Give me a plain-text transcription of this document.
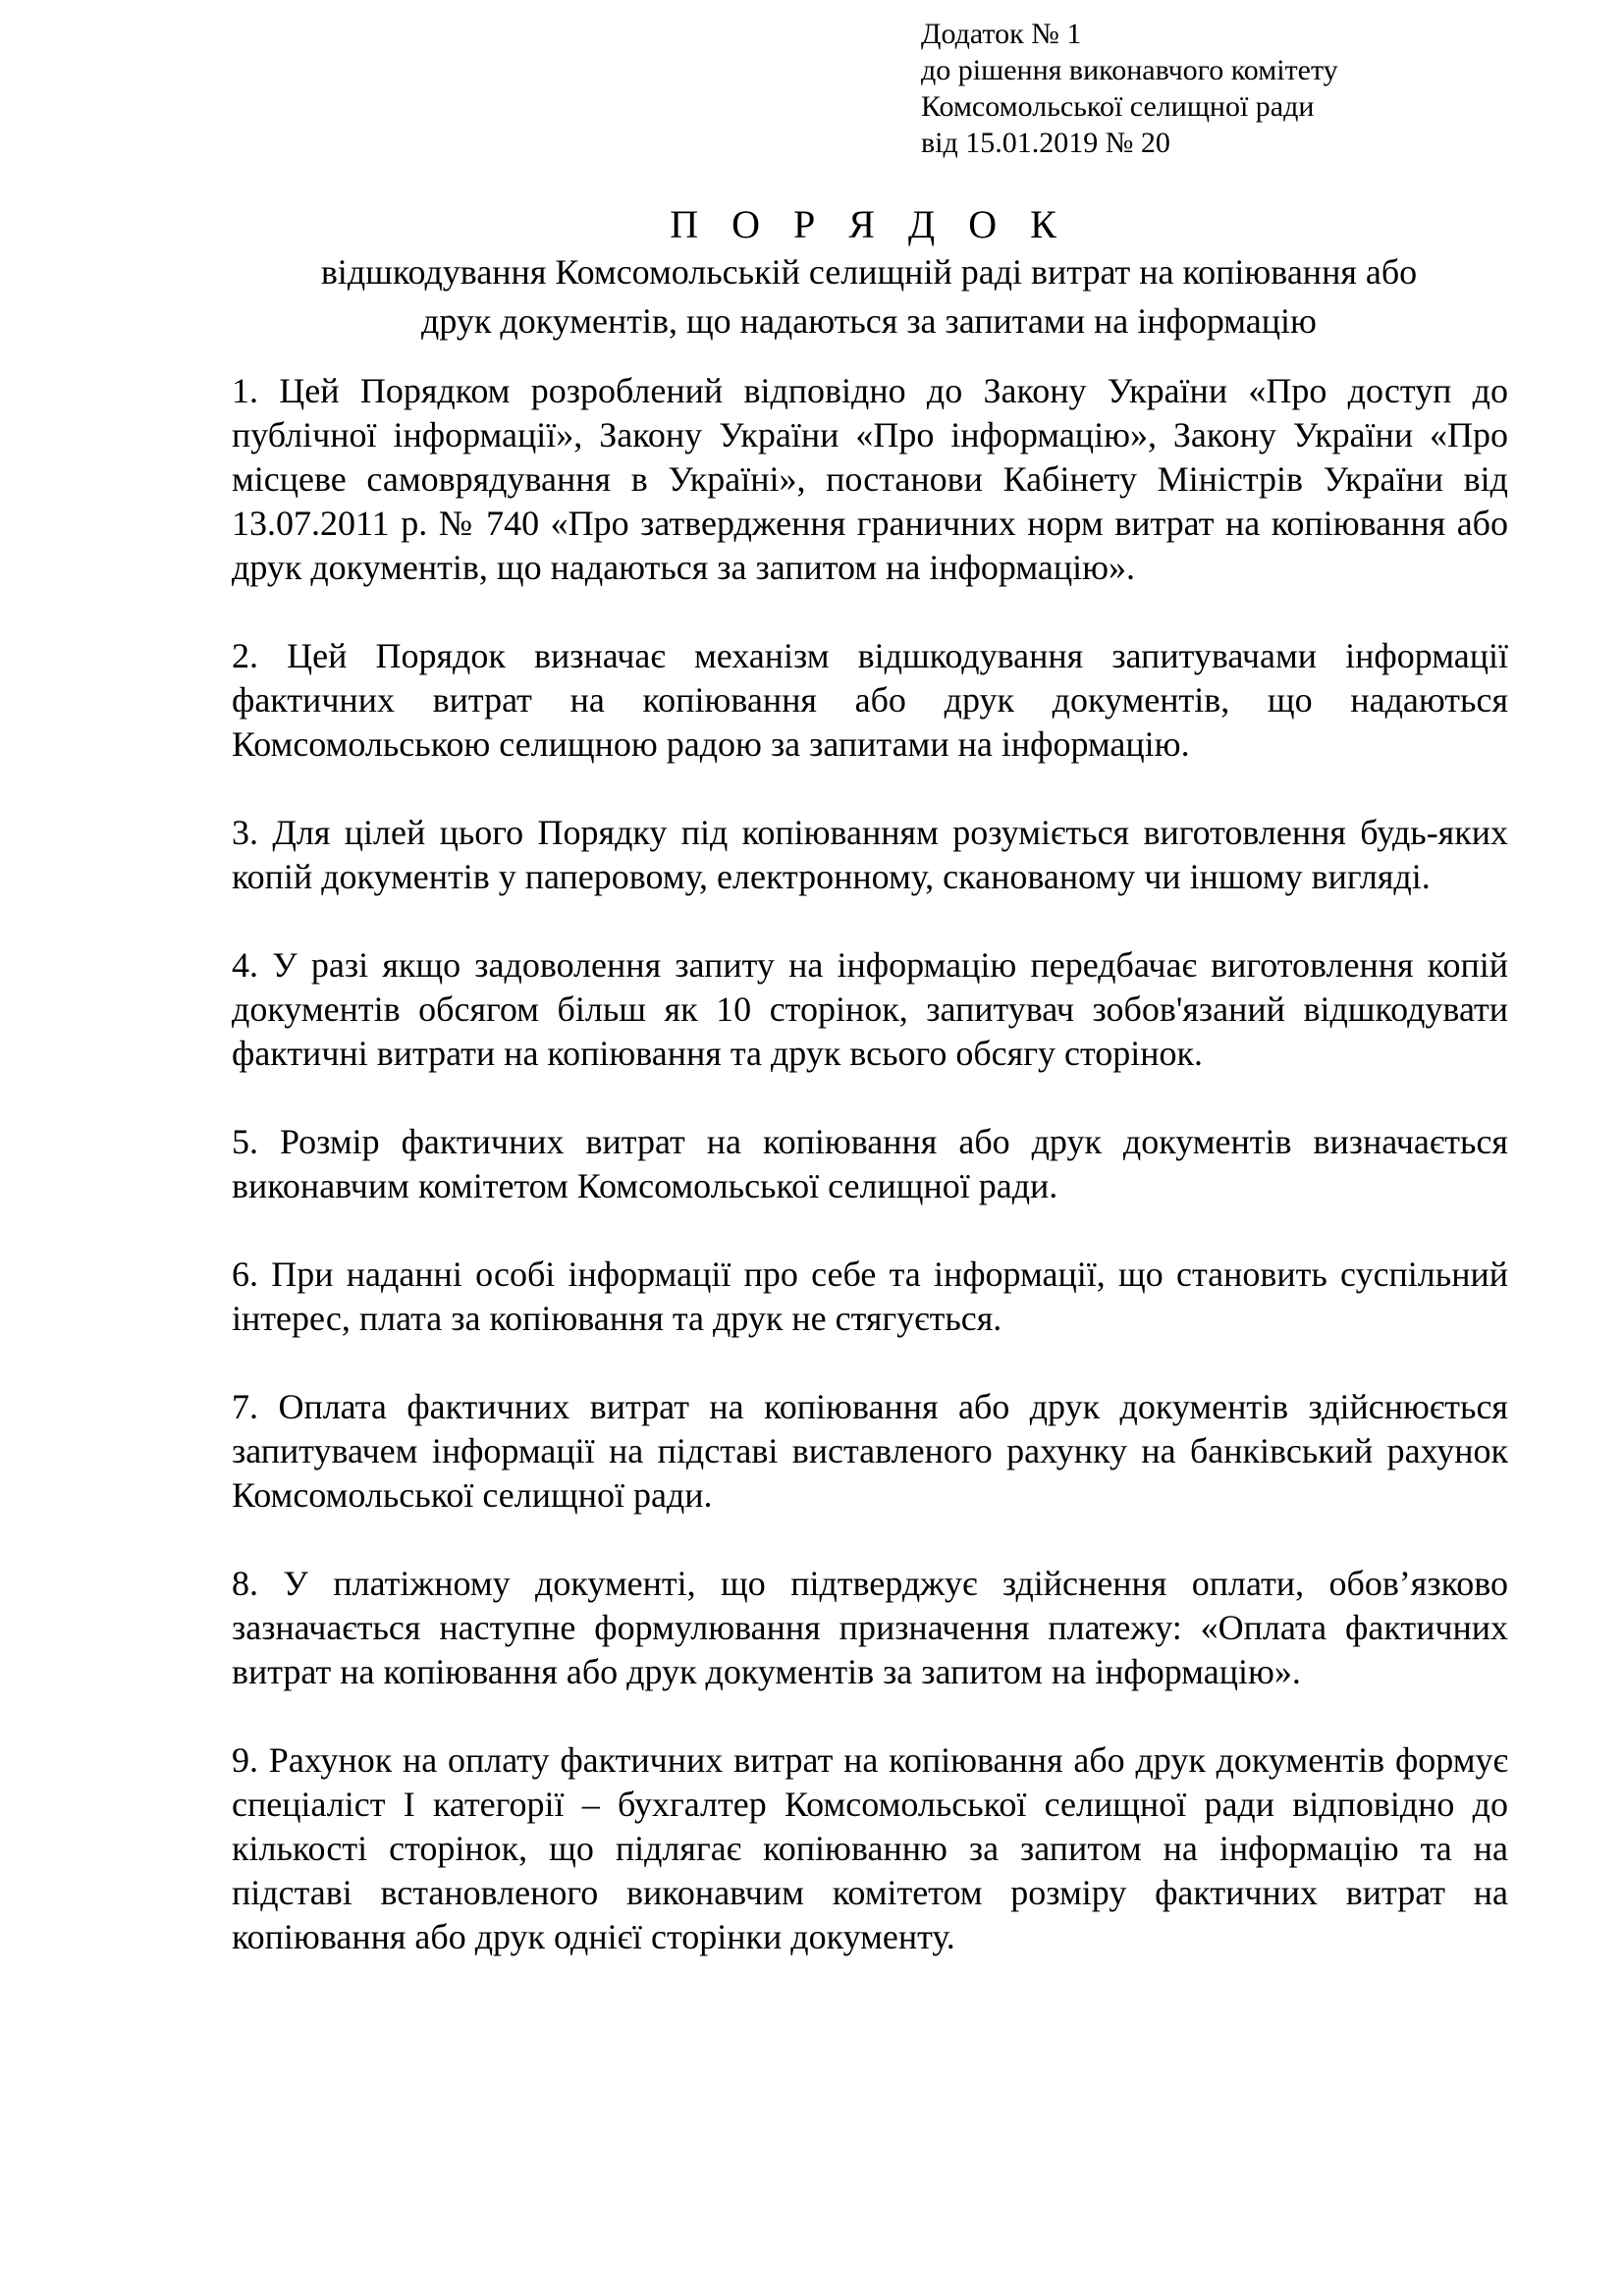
Додаток № 1
до рішення виконавчого комітету
Комсомольської селищної ради
від 15.01.2019 № 20
П О Р Я Д О К
відшкодування Комсомольській селищній раді витрат на копіювання або
друк документів, що надаються за запитами на інформацію

1. Цей Порядком розроблений відповідно до Закону України «Про доступ до публічної інформації», Закону України «Про інформацію», Закону України «Про місцеве самоврядування в Україні», постанови Кабінету Міністрів України від 13.07.2011 р. № 740 «Про затвердження граничних норм витрат на копіювання або друк документів, що надаються за запитом на інформацію».

2. Цей Порядок визначає механізм відшкодування запитувачами інформації фактичних витрат на копіювання або друк документів, що надаються Комсомольською селищною радою за запитами на інформацію.

3. Для цілей цього Порядку під копіюванням розуміється виготовлення будь-яких копій документів у паперовому, електронному, сканованому чи іншому вигляді.

4. У разі якщо задоволення запиту на інформацію передбачає виготовлення копій документів обсягом більш як 10 сторінок, запитувач зобов'язаний відшкодувати фактичні витрати на копіювання та друк всього обсягу сторінок.

5. Розмір фактичних витрат на копіювання або друк документів визначається виконавчим комітетом Комсомольської селищної ради.

6. При наданні особі інформації про себе та інформації, що становить суспільний інтерес, плата за копіювання та друк не стягується.

7. Оплата фактичних витрат на копіювання або друк документів здійснюється запитувачем інформації на підставі виставленого рахунку на банківський рахунок Комсомольської селищної ради.

8. У платіжному документі, що підтверджує здійснення оплати, обов’язково зазначається наступне формулювання призначення платежу: «Оплата фактичних витрат на копіювання або друк документів за запитом на інформацію».

9. Рахунок на оплату фактичних витрат на копіювання або друк документів формує спеціаліст І категорії – бухгалтер Комсомольської селищної ради відповідно до кількості сторінок, що підлягає копіюванню за запитом на інформацію та на підставі встановленого виконавчим комітетом розміру фактичних витрат на копіювання або друк однієї сторінки документу.
